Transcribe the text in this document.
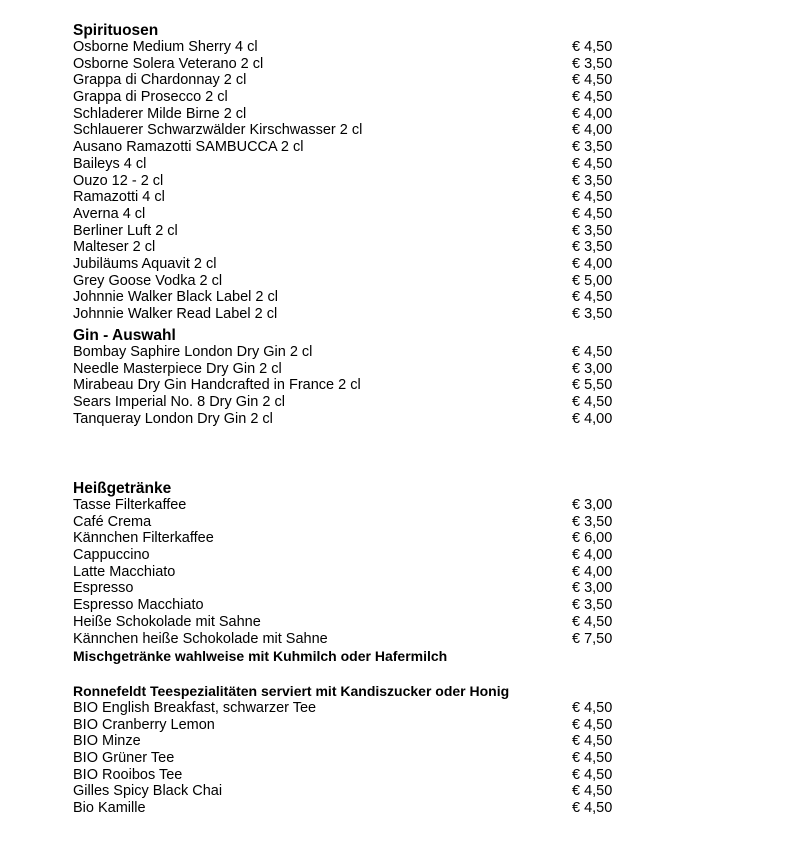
Spirituosen
Osborne Medium Sherry 4 cl	€ 4,50
Osborne Solera Veterano 2 cl	€ 3,50
Grappa di Chardonnay 2 cl	€ 4,50
Grappa di Prosecco 2 cl	€ 4,50
Schladerer Milde Birne 2 cl	€ 4,00
Schlauerer Schwarzwälder Kirschwasser 2 cl	€ 4,00
Ausano Ramazotti SAMBUCCA 2 cl	€ 3,50
Baileys 4 cl	€ 4,50
Ouzo 12 - 2 cl	€ 3,50
Ramazotti 4 cl	€ 4,50
Averna 4 cl	€ 4,50
Berliner Luft 2 cl	€ 3,50
Malteser 2 cl	€ 3,50
Jubiläums Aquavit 2 cl	€ 4,00
Grey Goose Vodka 2 cl	€ 5,00
Johnnie Walker Black Label 2 cl	€ 4,50
Johnnie Walker Read Label 2 cl	€ 3,50
Gin - Auswahl
Bombay Saphire London Dry Gin 2 cl	€ 4,50
Needle Masterpiece Dry Gin 2 cl	€ 3,00
Mirabeau Dry Gin Handcrafted in France 2 cl	€ 5,50
Sears Imperial No. 8 Dry Gin 2 cl	€ 4,50
Tanqueray London Dry Gin 2 cl	€ 4,00
Heißgetränke
Tasse Filterkaffee	€ 3,00
Café Crema	€ 3,50
Kännchen Filterkaffee	€ 6,00
Cappuccino	€ 4,00
Latte Macchiato	€ 4,00
Espresso	€ 3,00
Espresso Macchiato	€ 3,50
Heiße Schokolade mit Sahne	€ 4,50
Kännchen heiße Schokolade mit Sahne	€ 7,50
Mischgetränke wahlweise mit Kuhmilch oder Hafermilch
Ronnefeldt Teespezialitäten serviert mit Kandiszucker oder Honig
BIO English Breakfast, schwarzer Tee	€ 4,50
BIO Cranberry Lemon	€ 4,50
BIO Minze	€ 4,50
BIO Grüner Tee	€ 4,50
BIO Rooibos Tee	€ 4,50
Gilles Spicy Black Chai	€ 4,50
Bio Kamille	€ 4,50
